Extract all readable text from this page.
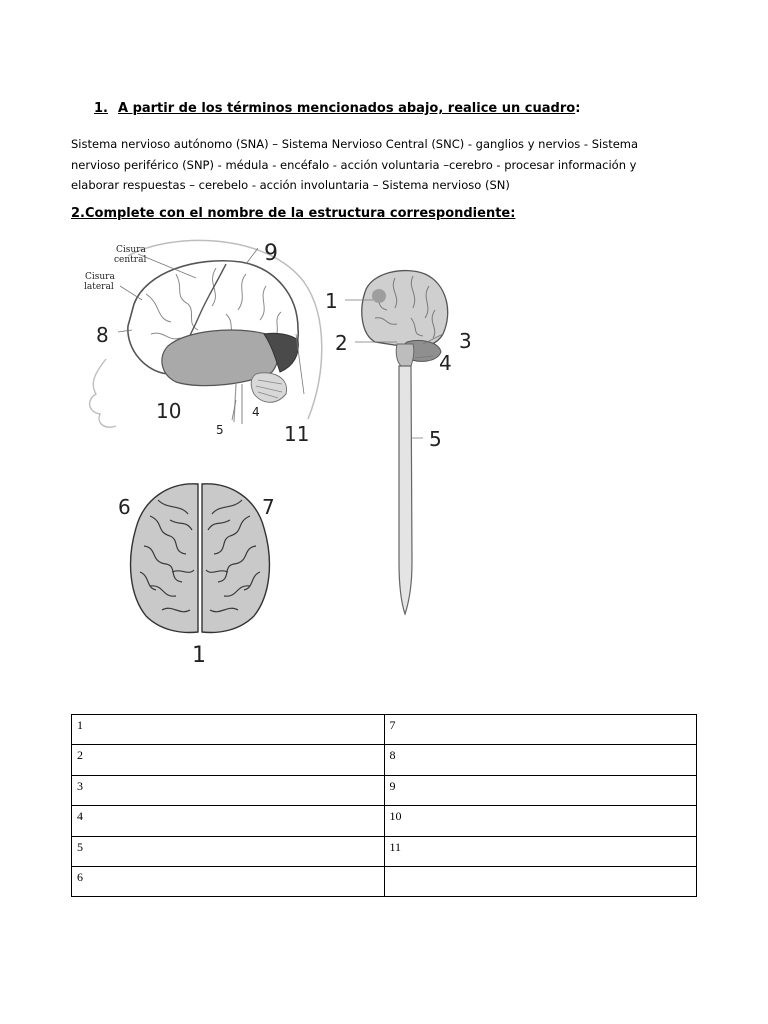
1. A partir de los términos mencionados abajo, realice un cuadro:
Sistema nervioso autónomo (SNA) – Sistema Nervioso Central (SNC) - ganglios y nervios - Sistema
nervioso periférico (SNP) - médula - encéfalo - acción voluntaria –cerebro - procesar información y
elaborar respuestas – cerebelo - acción involuntaria – Sistema nervioso (SN)
2.Complete con el nombre de la estructura correspondiente:
Cisura
central
Cisura
lateral
8
9
10
5
4
11
1
2	3
4
5
6	7
1
1	7
2	8
3	9
4	10
5	11
6	
